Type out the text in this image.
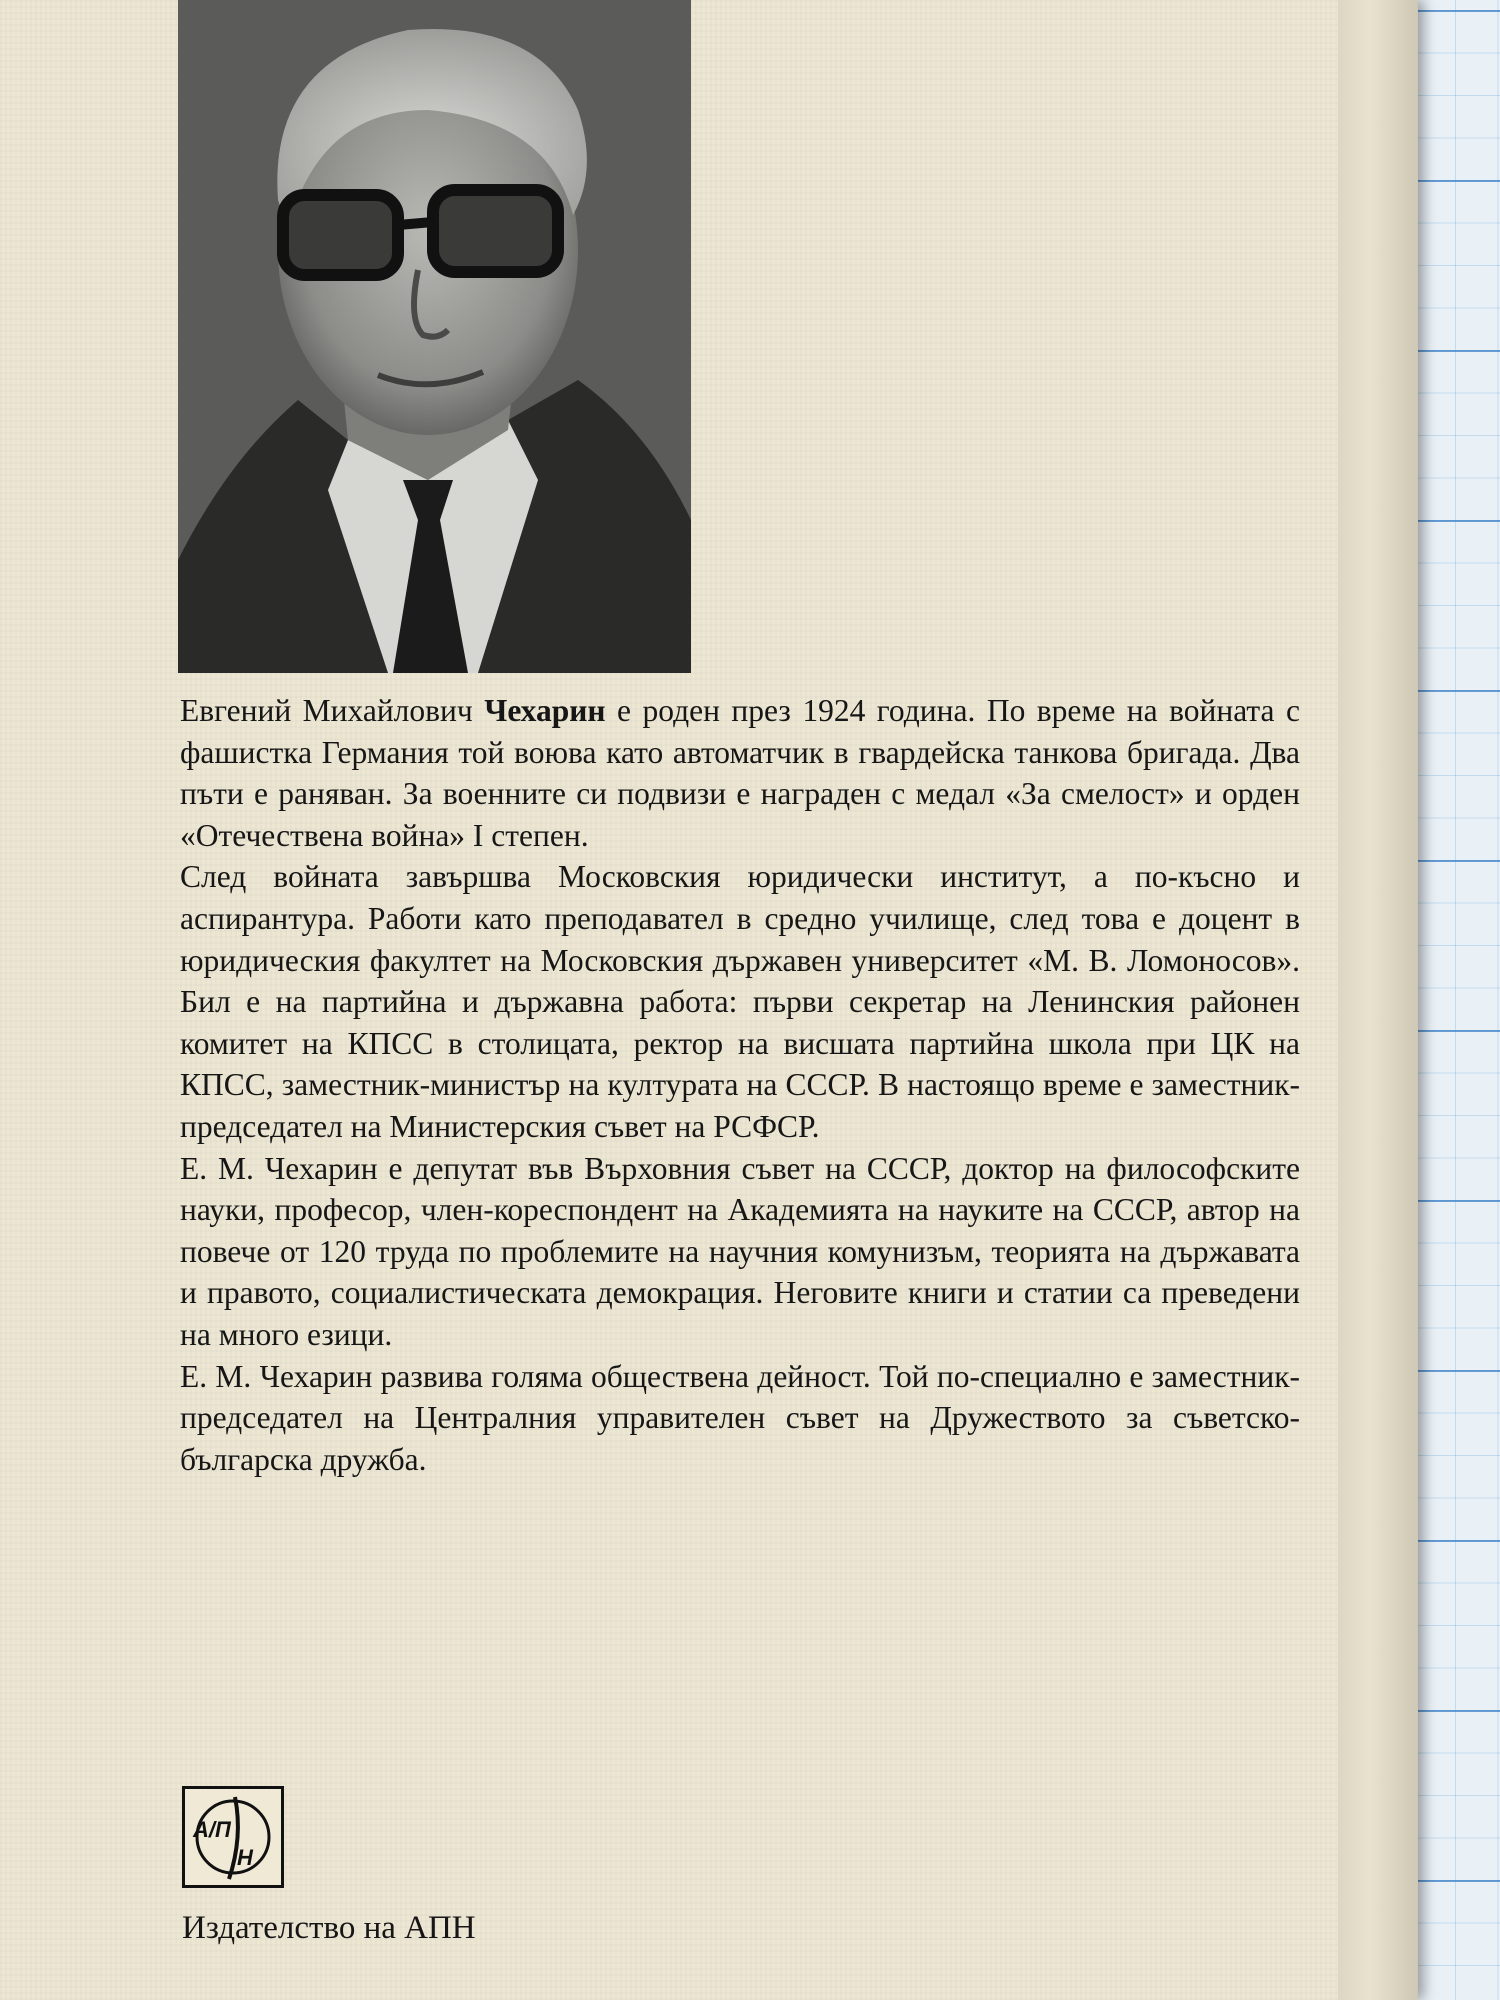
Евгений Михайлович Чехарин е роден през 1924 година. По време на войната с фашистка Германия той воюва като автоматчик в гвардейска танкова бригада. Два пъти е раняван. За военните си подвизи е награден с медал «За смелост» и орден «Отечествена война» I степен.

След войната завършва Московския юридически институт, а по-късно и аспирантура. Работи като преподавател в средно училище, след това е доцент в юридическия факултет на Московския държавен университет «М. В. Ломоносов». Бил е на партийна и държавна работа: първи секретар на Ленинския районен комитет на КПСС в столицата, ректор на висшата партийна школа при ЦК на КПСС, заместник-министър на културата на СССР. В настоящо време е заместник-председател на Министерския съвет на РСФСР.

Е. М. Чехарин е депутат във Върховния съвет на СССР, доктор на философските науки, професор, член-кореспондент на Академията на науките на СССР, автор на повече от 120 труда по проблемите на научния комунизъм, теорията на държавата и правото, социалистическата демокрация. Неговите книги и статии са преведени на много езици.

Е. М. Чехарин развива голяма обществена дейност. Той по-специално е заместник-председател на Централния управителен съвет на Дружеството за съветско-българска дружба.

А/П
Н

Издателство на АПН
